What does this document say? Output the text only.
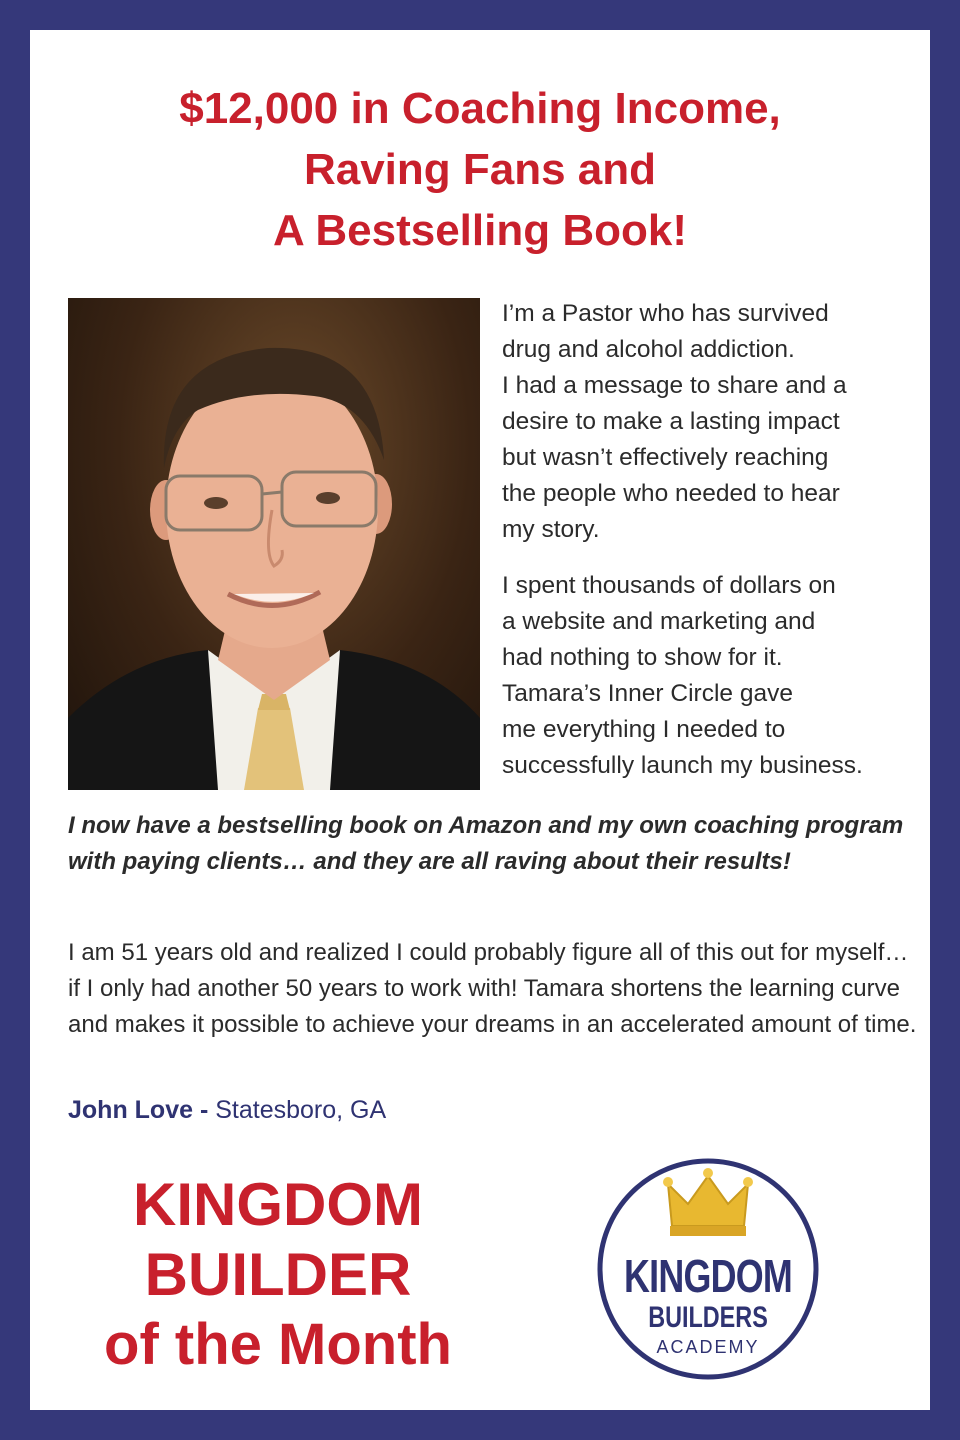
$12,000 in Coaching Income,
Raving Fans and
A Bestselling Book!

I’m a Pastor who has survived
drug and alcohol addiction.
I had a message to share and a
desire to make a lasting impact
but wasn’t effectively reaching
the people who needed to hear
my story.

I spent thousands of dollars on
a website and marketing and
had nothing to show for it.
Tamara’s Inner Circle gave
me everything I needed to
successfully launch my business.

I now have a bestselling book on Amazon and my own coaching program with paying clients… and they are all raving about their results!
I am 51 years old and realized I could probably figure all of this out for myself… if I only had another 50 years to work with! Tamara shortens the learning curve and makes it possible to achieve your dreams in an accelerated amount of time.
John Love - Statesboro, GA
KINGDOM
BUILDER
of the Month
KINGDOM
BUILDERS
ACADEMY
